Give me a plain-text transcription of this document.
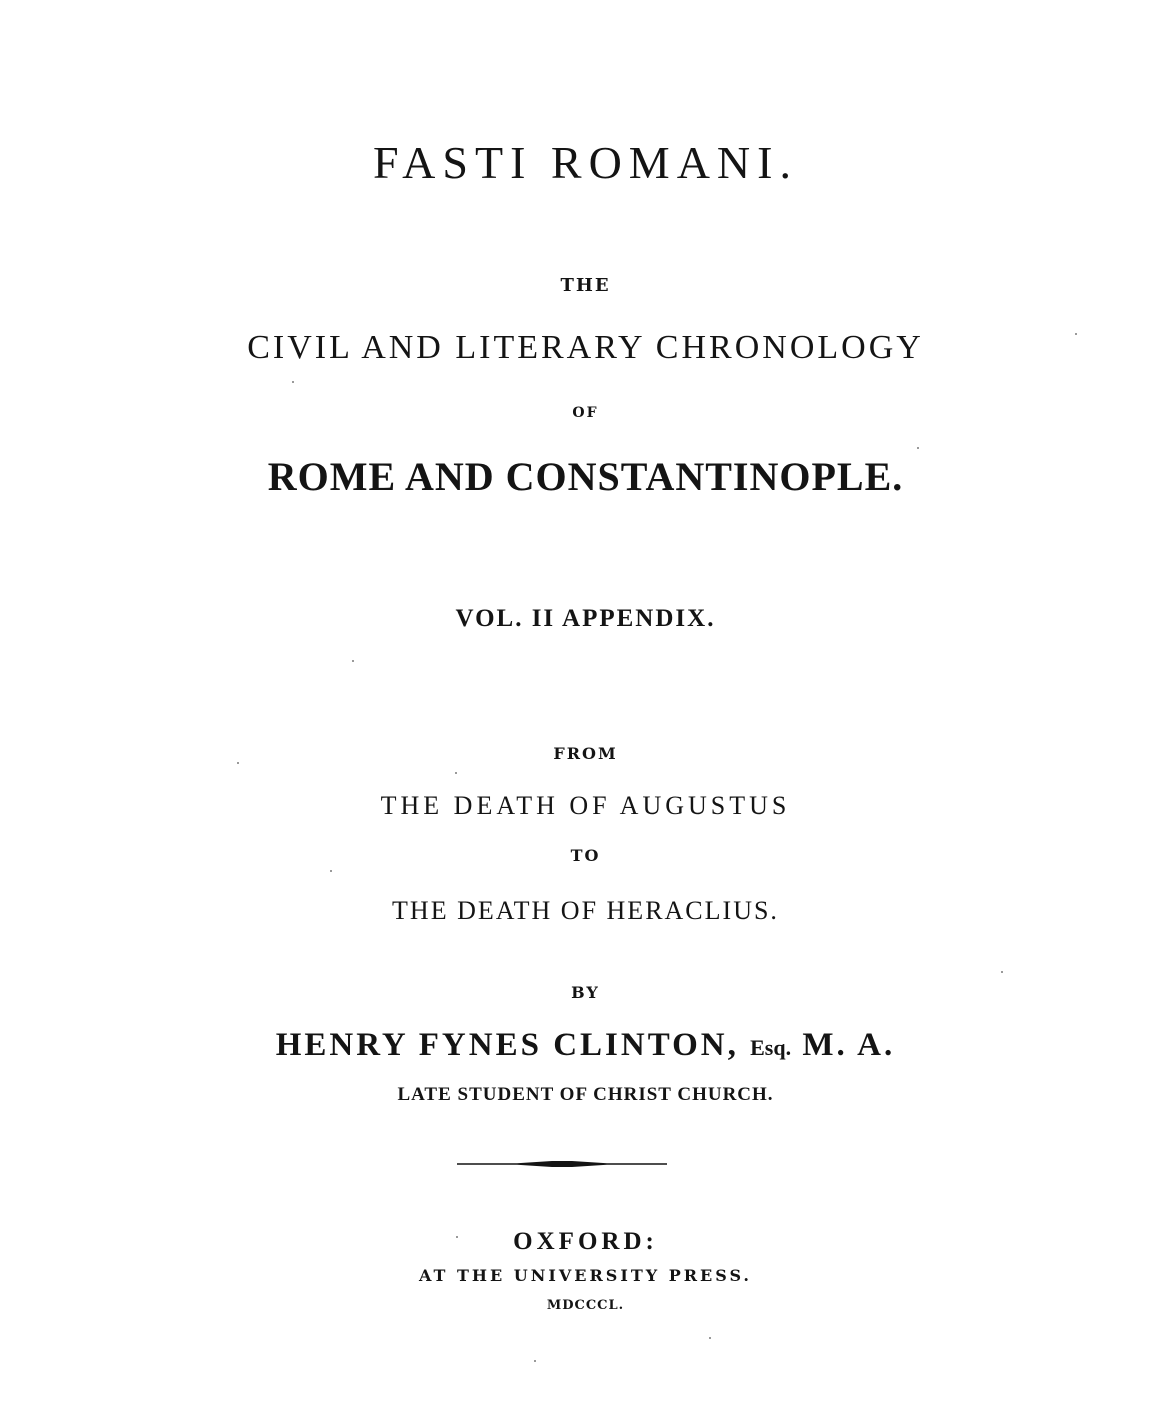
FASTI ROMANI.
THE
CIVIL AND LITERARY CHRONOLOGY
OF
ROME AND CONSTANTINOPLE.
VOL. II APPENDIX.
FROM
THE DEATH OF AUGUSTUS
TO
THE DEATH OF HERACLIUS.
BY
HENRY FYNES CLINTON, Esq. M. A.
LATE STUDENT OF CHRIST CHURCH.
OXFORD:
AT THE UNIVERSITY PRESS.
MDCCCL.
